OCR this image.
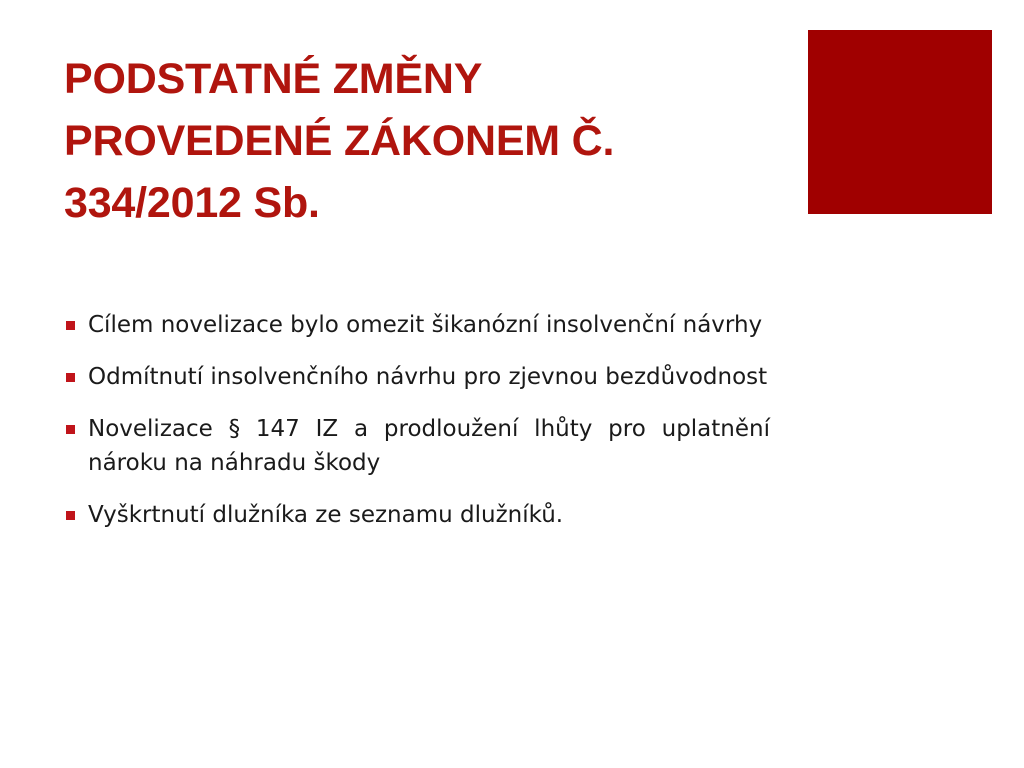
PODSTATNÉ ZMĚNY
PROVEDENÉ ZÁKONEM Č.
334/2012 Sb.
Cílem novelizace bylo omezit šikanózní insolvenční návrhy
Odmítnutí insolvenčního návrhu pro zjevnou bezdůvodnost
Novelizace § 147 IZ a prodloužení lhůty pro uplatnění nároku na náhradu škody
Vyškrtnutí dlužníka ze seznamu dlužníků.
